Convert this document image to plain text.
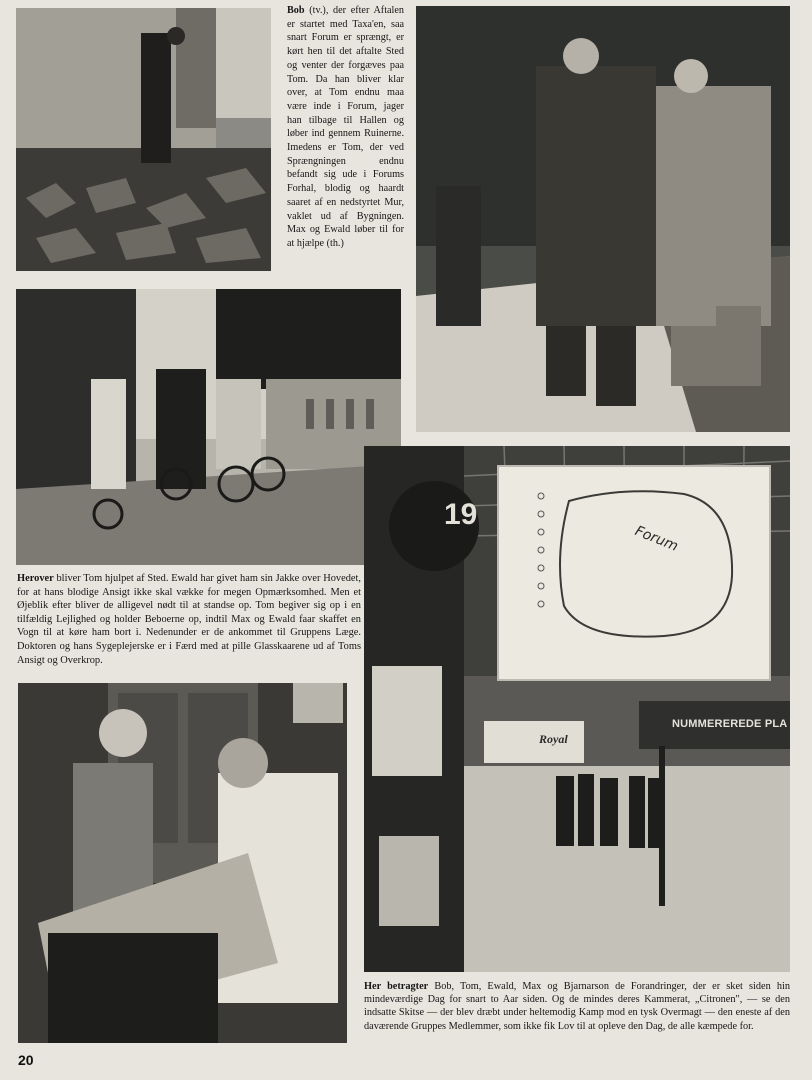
Bob (tv.), der efter Aftalen er startet med Taxa'en, saa snart Forum er sprængt, er kørt hen til det aftalte Sted og venter der forgæves paa Tom. Da han bliver klar over, at Tom endnu maa være inde i Forum, jager han tilbage til Hallen og løber ind gennem Ruinerne. Imedens er Tom, der ved Sprængningen endnu befandt sig ude i Forums Forhal, blodig og haardt saaret af en nedstyrtet Mur, vaklet ud af Bygningen. Max og Ewald løber til for at hjælpe (th.)
Herover bliver Tom hjulpet af Sted. Ewald har givet ham sin Jakke over Hovedet, for at hans blodige Ansigt ikke skal vække for megen Opmærksomhed. Men et Øjeblik efter bliver de alligevel nødt til at standse op. Tom begiver sig op i en tilfældig Lejlighed og holder Beboerne op, indtil Max og Ewald faar skaffet en Vogn til at køre ham bort i. Nedenunder er de ankommet til Gruppens Læge. Doktoren og hans Sygeplejerske er i Færd med at pille Glasskaarene ud af Toms Ansigt og Overkrop.
Forum
19
Royal
NUMMEREREDE PLA
Her betragter Bob, Tom, Ewald, Max og Bjarnarson de Forandringer, der er sket siden hin mindeværdige Dag for snart to Aar siden. Og de mindes deres Kammerat, „Citronen", — se den indsatte Skitse — der blev dræbt under heltemodig Kamp mod en tysk Overmagt — den eneste af den daværende Gruppes Medlemmer, som ikke fik Lov til at opleve den Dag, de alle kæmpede for.
20
